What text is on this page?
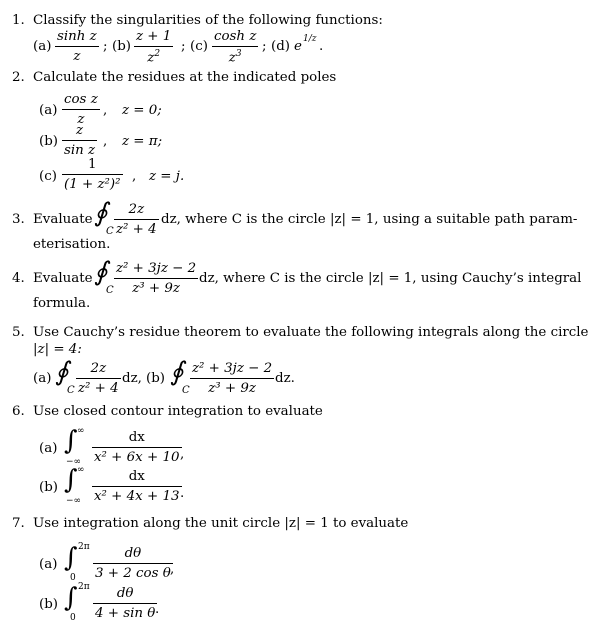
1. Classify the singularities of the following functions:
(a)
sinh z
z
; (b)
z + 1
$z^2$
; (c)
cosh z
$z^3$
; (d) e 1/z .
2. Calculate the residues at the indicated poles
(a)
cos z
z
, z = 0;
(b)
z
sin z
, z = π;
(c)
1
(1 + z²)²
, z = j.
3. Evaluate ∮
C
2z
z² + 4
dz, where C is the circle |z| = 1, using a suitable path param-
eterisation.
4. Evaluate ∮
C
z² + 3jz − 2
z³ + 9z
dz, where C is the circle |z| = 1, using Cauchy’s integral
formula.
5. Use Cauchy’s residue theorem to evaluate the following integrals along the circle
|z| = 4:
(a) ∮
C
2z
z² + 4
dz, (b) ∮
C
z² + 3jz − 2
z³ + 9z
dz.
6. Use closed contour integration to evaluate
(a) ∫ ∞
−∞
dx
x² + 6x + 10 ,
(b) ∫ ∞
−∞
dx
x² + 4x + 13 .
7. Use integration along the unit circle |z| = 1 to evaluate
(a) ∫ 2π
0
dθ
3 + 2 cos θ ,
(b) ∫ 2π
0
dθ
4 + sin θ .
